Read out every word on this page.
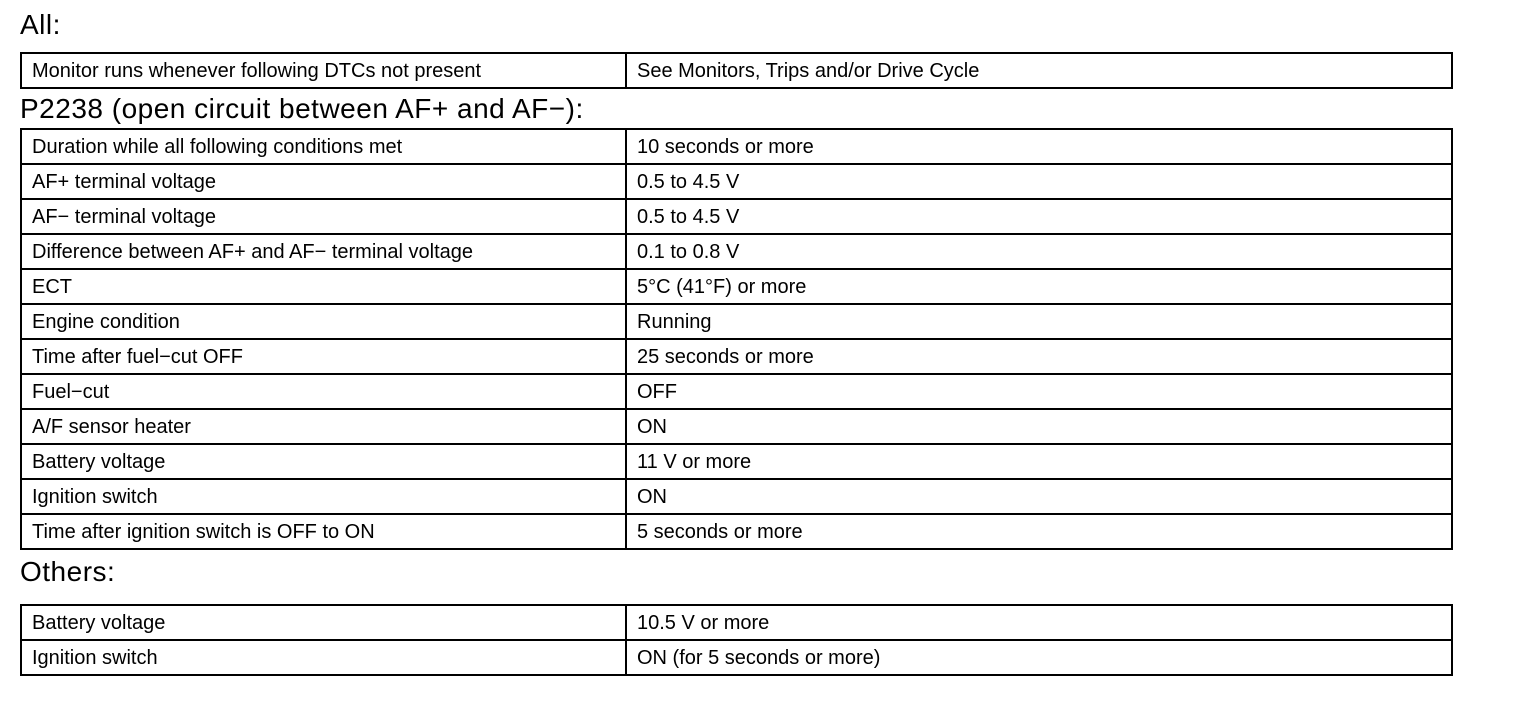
All:
Monitor runs whenever following DTCs not present	See Monitors, Trips and/or Drive Cycle
P2238 (open circuit between AF+ and AF−):
Duration while all following conditions met	10 seconds or more
AF+ terminal voltage	0.5 to 4.5 V
AF− terminal voltage	0.5 to 4.5 V
Difference between AF+ and AF− terminal voltage	0.1 to 0.8 V
ECT	5°C (41°F) or more
Engine condition	Running
Time after fuel−cut OFF	25 seconds or more
Fuel−cut	OFF
A/F sensor heater	ON
Battery voltage	11 V or more
Ignition switch	ON
Time after ignition switch is OFF to ON	5 seconds or more
Others:
Battery voltage	10.5 V or more
Ignition switch	ON (for 5 seconds or more)
